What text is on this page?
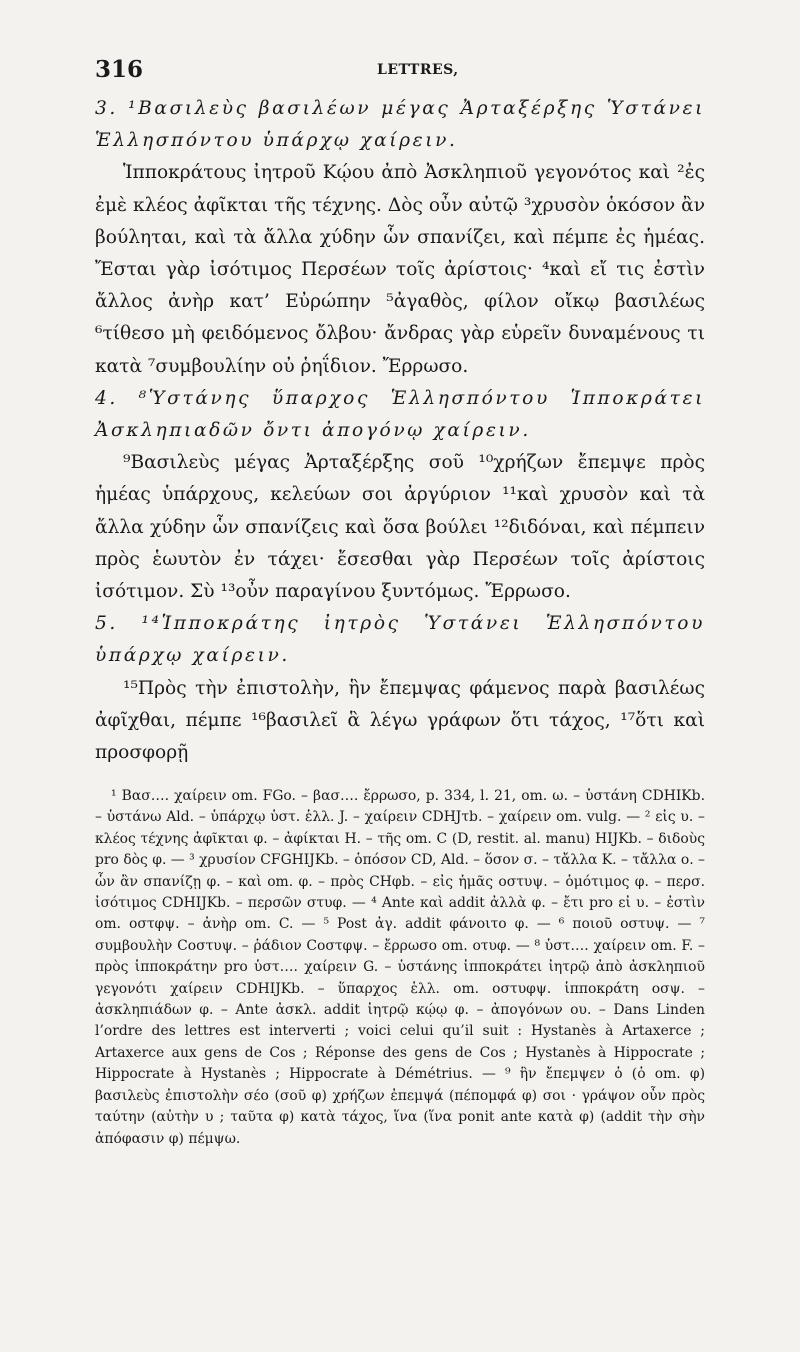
316	LETTRES,

3. ¹Βασιλεὺς βασιλέων μέγας Ἀρταξέρξης Ὑστάνει Ἑλλησπόντου ὑπάρχῳ χαίρειν.

Ἱπποκράτους ἰητροῦ Κῴου ἀπὸ Ἀσκληπιοῦ γεγονότος καὶ ²ἐς ἐμὲ κλέος ἀφῖκται τῆς τέχνης. Δὸς οὖν αὐτῷ ³χρυσὸν ὁκόσον ἂν βούληται, καὶ τὰ ἄλλα χύδην ὧν σπανίζει, καὶ πέμπε ἐς ἡμέας. Ἔσται γὰρ ἰσότιμος Περσέων τοῖς ἀρίστοις· ⁴καὶ εἴ τις ἐστὶν ἄλλος ἀνὴρ κατ’ Εὐρώπην ⁵ἀγαθὸς, φίλον οἴκῳ βασιλέως ⁶τίθεσο μὴ φειδόμενος ὄλβου· ἄνδρας γὰρ εὑρεῖν δυναμένους τι κατὰ ⁷συμβουλίην οὐ ῥηΐδιον. Ἔρρωσο.

4. ⁸Ὑστάνης ὕπαρχος Ἑλλησπόντου Ἱπποκράτει Ἀσκληπιαδῶν ὄντι ἀπογόνῳ χαίρειν.

⁹Βασιλεὺς μέγας Ἀρταξέρξης σοῦ ¹⁰χρήζων ἔπεμψε πρὸς ἡμέας ὑπάρχους, κελεύων σοι ἀργύριον ¹¹καὶ χρυσὸν καὶ τὰ ἄλλα χύδην ὧν σπανίζεις καὶ ὅσα βούλει ¹²διδόναι, καὶ πέμπειν πρὸς ἑωυτὸν ἐν τάχει· ἔσεσθαι γὰρ Περσέων τοῖς ἀρίστοις ἰσότιμον. Σὺ ¹³οὖν παραγίνου ξυντόμως. Ἔρρωσο.

5. ¹⁴Ἱπποκράτης ἰητρὸς Ὑστάνει Ἑλλησπόντου ὑπάρχῳ χαίρειν.

¹⁵Πρὸς τὴν ἐπιστολὴν, ἣν ἔπεμψας φάμενος παρὰ βασιλέως ἀφῖχθαι, πέμπε ¹⁶βασιλεῖ ἃ λέγω γράφων ὅτι τάχος, ¹⁷ὅτι καὶ προσφορῇ

¹ Βασ…. χαίρειν om. FGo. – βασ…. ἔρρωσο, p. 334, l. 21, om. ω. – ὑστάνη CDHIKb. – ὑστάνω Ald. – ὑπάρχῳ ὑστ. ἑλλ. J. – χαίρειν CDHJτb. – χαίρειν om. vulg. — ² εἰς υ. – κλέος τέχνης ἀφῖκται φ. – ἀφίκται H. – τῆς om. C (D, restit. al. manu) HIJKb. – διδοὺς pro δὸς φ. — ³ χρυσίον CFGHIJKb. – ὁπόσον CD, Ald. – ὅσον σ. – τἄλλα K. – τἄλλα ο. – ὧν ἂν σπανίζῃ φ. – καὶ om. φ. – πρὸς CHφb. – εἰς ἡμᾶς οστυψ. – ὁμότιμος φ. – περσ. ἰσότιμος CDHIJKb. – περσῶν στυφ. — ⁴ Ante καὶ addit ἀλλὰ φ. – ἔτι pro εἰ υ. – ἐστὶν om. οστφψ. – ἀνὴρ om. C. — ⁵ Post ἀγ. addit φάνοιτο φ. — ⁶ ποιοῦ οστυψ. — ⁷ συμβουλὴν Cοστυψ. – ῥάδιον Cοστφψ. – ἔρρωσο om. οτυφ. — ⁸ ὑστ…. χαίρειν om. F. – πρὸς ἱπποκράτην pro ὑστ…. χαίρειν G. – ὑστάνης ἱπποκράτει ἰητρῷ ἀπὸ ἀσκληπιοῦ γεγονότι χαίρειν CDHIJKb. – ὕπαρχος ἑλλ. om. οστυφψ. ἱπποκράτη οσψ. – ἀσκληπιάδων φ. – Ante ἀσκλ. addit ἰητρῷ κῴῳ φ. – ἀπογόνων ου. – Dans Linden l’ordre des lettres est interverti ; voici celui qu’il suit : Hystanès à Artaxerce ; Artaxerce aux gens de Cos ; Réponse des gens de Cos ; Hystanès à Hippocrate ; Hippocrate à Hystanès ; Hippocrate à Démétrius. — ⁹ ἣν ἔπεμψεν ὁ (ὁ om. φ) βασιλεὺς ἐπιστολὴν σέο (σοῦ φ) χρήζων ἐπεμψά (πέπομφά φ) σοι · γράψον οὖν πρὸς ταύτην (αὐτὴν υ ; ταῦτα φ) κατὰ τάχος, ἵνα (ἵνα ponit ante κατὰ φ) (addit τὴν σὴν ἀπόφασιν φ) πέμψω.
